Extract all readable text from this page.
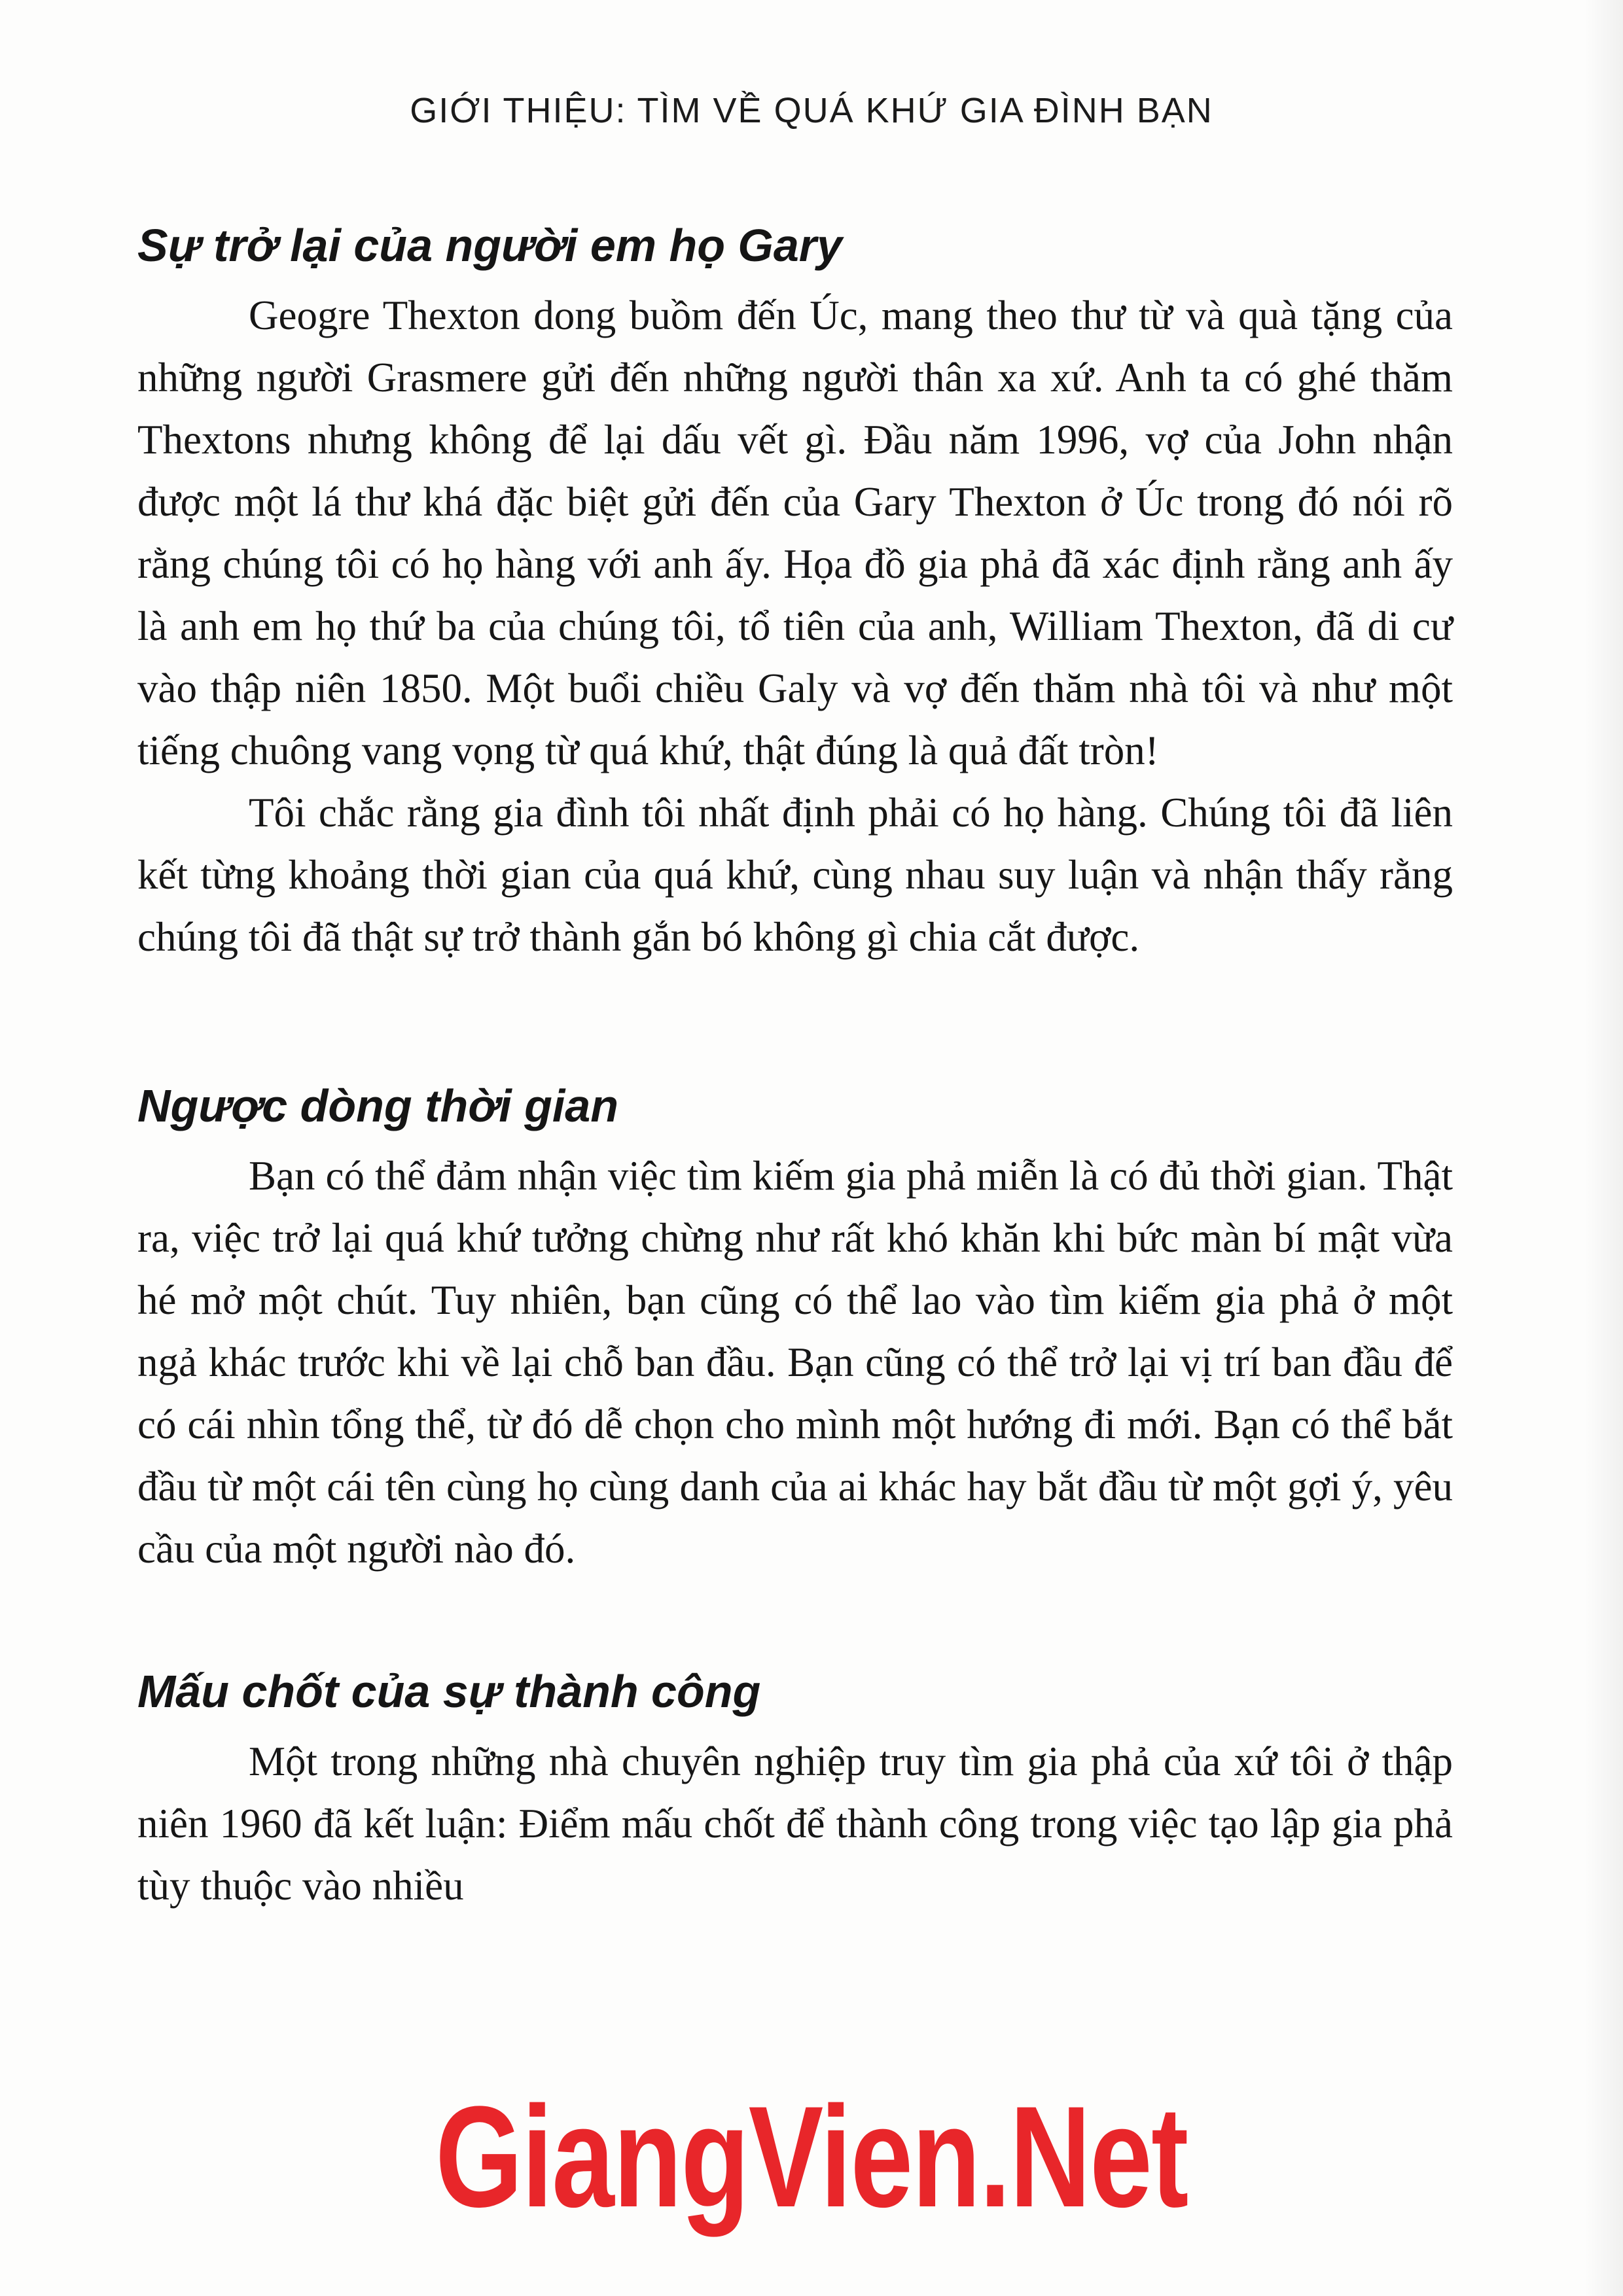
GIỚI THIỆU: TÌM VỀ QUÁ KHỨ GIA ĐÌNH BẠN
Sự trở lại của người em họ Gary

Geogre Thexton dong buồm đến Úc, mang theo thư từ và quà tặng của những người Grasmere gửi đến những người thân xa xứ. Anh ta có ghé thăm Thextons nhưng không để lại dấu vết gì. Đầu năm 1996, vợ của John nhận được một lá thư khá đặc biệt gửi đến của Gary Thexton ở Úc trong đó nói rõ rằng chúng tôi có họ hàng với anh ấy. Họa đồ gia phả đã xác định rằng anh ấy là anh em họ thứ ba của chúng tôi, tổ tiên của anh, William Thexton, đã di cư vào thập niên 1850. Một buổi chiều Galy và vợ đến thăm nhà tôi và như một tiếng chuông vang vọng từ quá khứ, thật đúng là quả đất tròn!

Tôi chắc rằng gia đình tôi nhất định phải có họ hàng. Chúng tôi đã liên kết từng khoảng thời gian của quá khứ, cùng nhau suy luận và nhận thấy rằng chúng tôi đã thật sự trở thành gắn bó không gì chia cắt được.

Ngược dòng thời gian

Bạn có thể đảm nhận việc tìm kiếm gia phả miễn là có đủ thời gian. Thật ra, việc trở lại quá khứ tưởng chừng như rất khó khăn khi bức màn bí mật vừa hé mở một chút. Tuy nhiên, bạn cũng có thể lao vào tìm kiếm gia phả ở một ngả khác trước khi về lại chỗ ban đầu. Bạn cũng có thể trở lại vị trí ban đầu để có cái nhìn tổng thể, từ đó dễ chọn cho mình một hướng đi mới. Bạn có thể bắt đầu từ một cái tên cùng họ cùng danh của ai khác hay bắt đầu từ một gợi ý, yêu cầu của một người nào đó.

Mấu chốt của sự thành công

Một trong những nhà chuyên nghiệp truy tìm gia phả của xứ tôi ở thập niên 1960 đã kết luận: Điểm mấu chốt để thành công trong việc tạo lập gia phả tùy thuộc vào nhiều

GiangVien.Net
